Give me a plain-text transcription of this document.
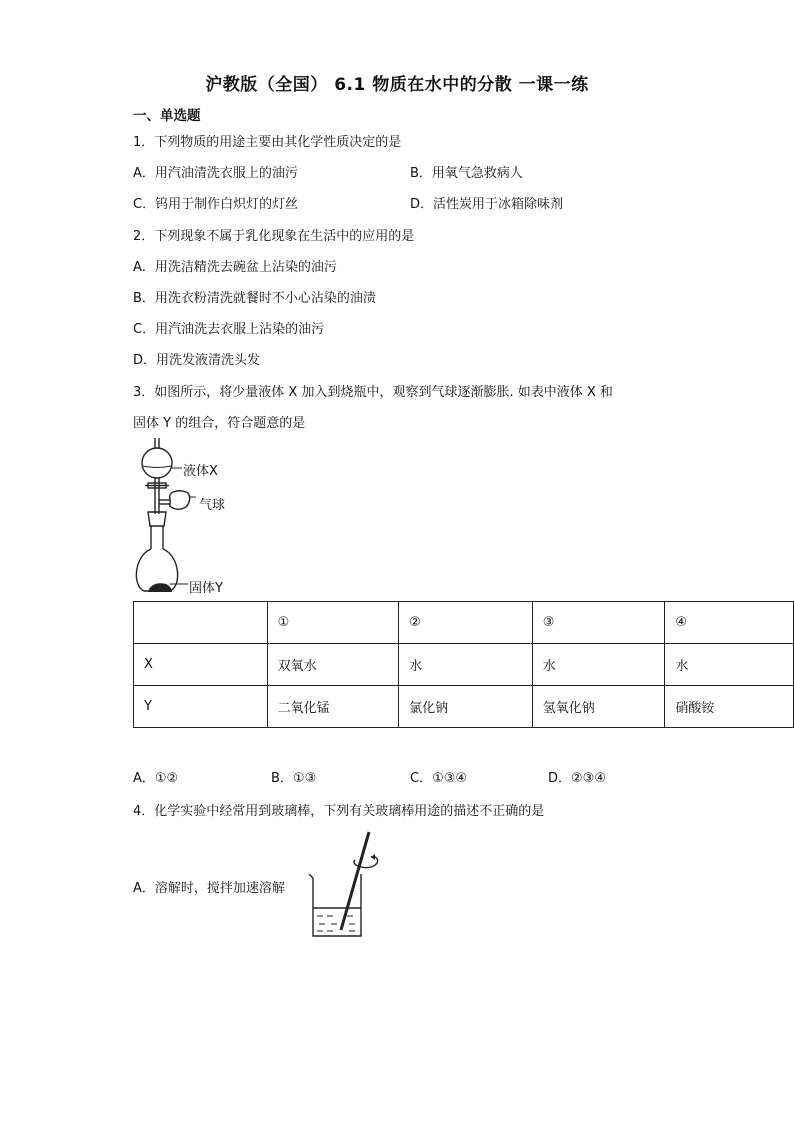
沪教版（全国） 6.1 物质在水中的分散 一课一练
一、单选题
1．下列物质的用途主要由其化学性质决定的是
A．用汽油清洗衣服上的油污	B．用氧气急救病人
C．钨用于制作白炽灯的灯丝	D．活性炭用于冰箱除味剂
2．下列现象不属于乳化现象在生活中的应用的是
A．用洗洁精洗去碗盆上沾染的油污
B．用洗衣粉清洗就餐时不小心沾染的油渍
C．用汽油洗去衣服上沾染的油污
D．用洗发液清洗头发
3．如图所示，将少量液体 X 加入到烧瓶中，观察到气球逐渐膨胀. 如表中液体 X 和
固体 Y 的组合，符合题意的是
液体X
气球
固体Y
	①	②	③	④
X	双氧水	水	水	水
Y	二氧化锰	氯化钠	氢氧化钠	硝酸铵
A．①②	B．①③	C．①③④	D．②③④
4．化学实验中经常用到玻璃棒，下列有关玻璃棒用途的描述不正确的是
A．溶解时，搅拌加速溶解
